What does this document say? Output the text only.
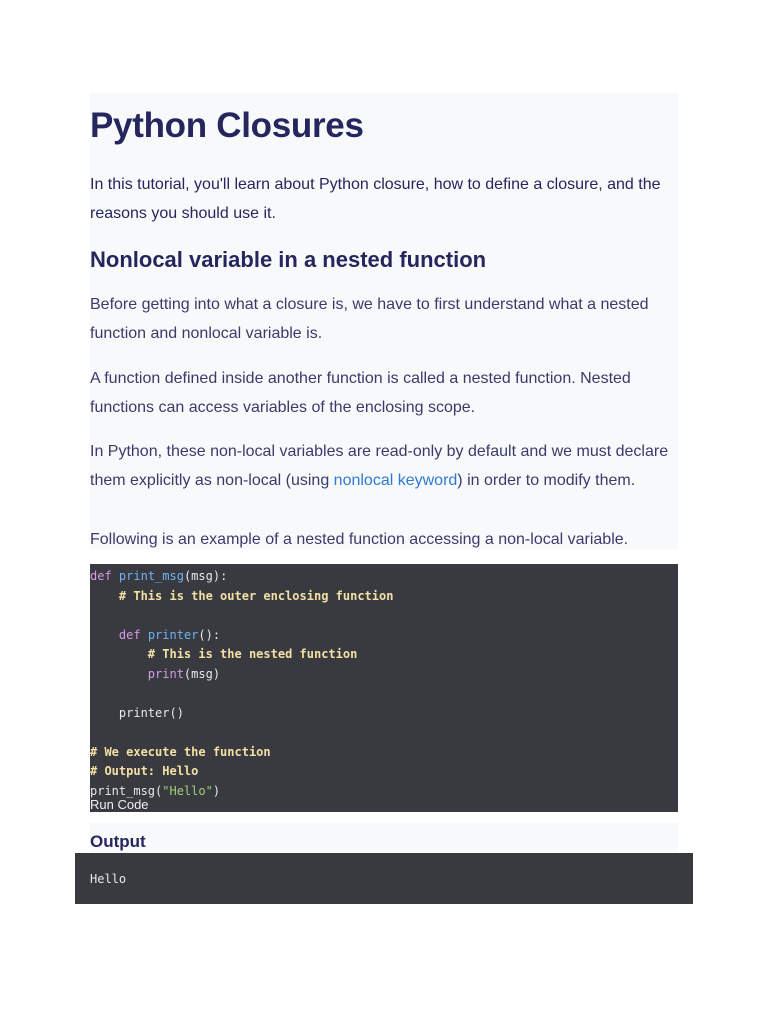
Python Closures

In this tutorial, you'll learn about Python closure, how to define a closure, and the reasons you should use it.

Nonlocal variable in a nested function

Before getting into what a closure is, we have to first understand what a nested function and nonlocal variable is.

A function defined inside another function is called a nested function. Nested functions can access variables of the enclosing scope.

In Python, these non-local variables are read-only by default and we must declare them explicitly as non-local (using nonlocal keyword) in order to modify them.

Following is an example of a nested function accessing a non-local variable.

def print_msg(msg):
# This is the outer enclosing function

def printer():
# This is the nested function
print(msg)

printer()

# We execute the function
# Output: Hello
print_msg("Hello")
Run Code
Output
Hello
